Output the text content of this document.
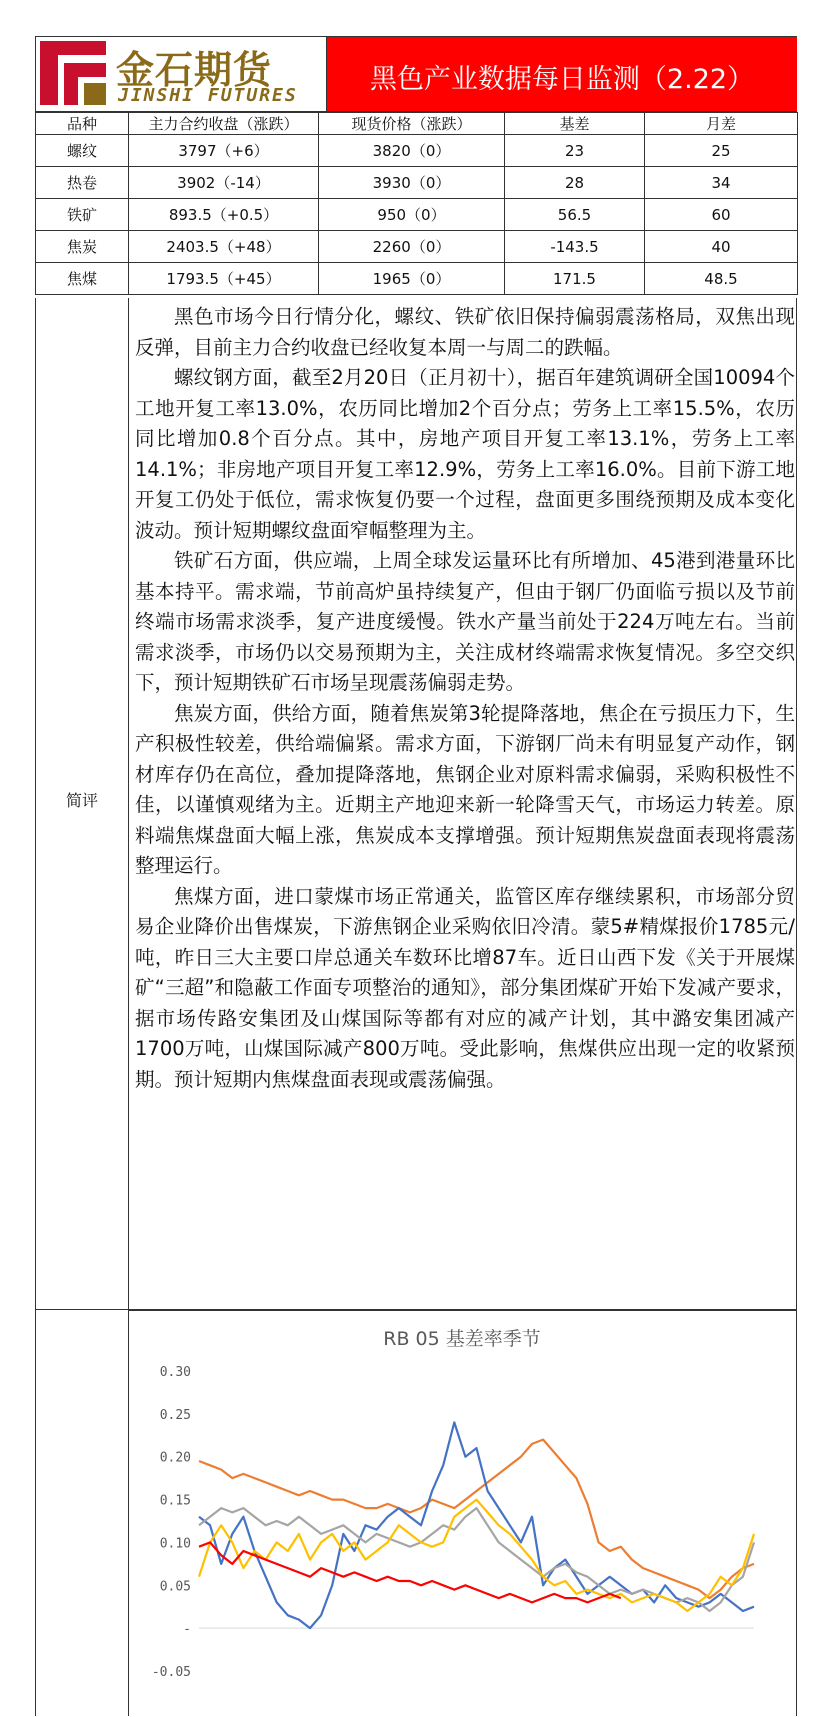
金石期货
JINSHI FUTURES
黑色产业数据每日监测（2.22）
品种	主力合约收盘（涨跌）	现货价格（涨跌）	基差	月差
螺纹	3797（+6）	3820（0）	23	25
热卷	3902（-14）	3930（0）	28	34
铁矿	893.5（+0.5）	950（0）	56.5	60
焦炭	2403.5（+48）	2260（0）	-143.5	40
焦煤	1793.5（+45）	1965（0）	171.5	48.5
简评

黑色市场今日行情分化，螺纹、铁矿依旧保持偏弱震荡格局，双焦出现反弹，目前主力合约收盘已经收复本周一与周二的跌幅。

螺纹钢方面，截至2月20日（正月初十），据百年建筑调研全国10094个工地开复工率13.0%，农历同比增加2个百分点；劳务上工率15.5%，农历同比增加0.8个百分点。其中，房地产项目开复工率13.1%，劳务上工率14.1%；非房地产项目开复工率12.9%，劳务上工率16.0%。目前下游工地开复工仍处于低位，需求恢复仍要一个过程，盘面更多围绕预期及成本变化波动。预计短期螺纹盘面窄幅整理为主。

铁矿石方面，供应端，上周全球发运量环比有所增加、45港到港量环比基本持平。需求端，节前高炉虽持续复产，但由于钢厂仍面临亏损以及节前终端市场需求淡季，复产进度缓慢。铁水产量当前处于224万吨左右。当前需求淡季，市场仍以交易预期为主，关注成材终端需求恢复情况。多空交织下，预计短期铁矿石市场呈现震荡偏弱走势。

焦炭方面，供给方面，随着焦炭第3轮提降落地，焦企在亏损压力下，生产积极性较差，供给端偏紧。需求方面，下游钢厂尚未有明显复产动作，钢材库存仍在高位，叠加提降落地，焦钢企业对原料需求偏弱，采购积极性不佳，以谨慎观绪为主。近期主产地迎来新一轮降雪天气，市场运力转差。原料端焦煤盘面大幅上涨，焦炭成本支撑增强。预计短期焦炭盘面表现将震荡整理运行。

焦煤方面，进口蒙煤市场正常通关，监管区库存继续累积，市场部分贸易企业降价出售煤炭，下游焦钢企业采购依旧冷清。蒙5#精煤报价1785元/吨，昨日三大主要口岸总通关车数环比增87车。近日山西下发《关于开展煤矿“三超”和隐蔽工作面专项整治的通知》，部分集团煤矿开始下发减产要求，据市场传路安集团及山煤国际等都有对应的减产计划，其中潞安集团减产1700万吨，山煤国际减产800万吨。受此影响，焦煤供应出现一定的收紧预期。预计短期内焦煤盘面表现或震荡偏强。

RB 05 基差率季节
0.30
0.25
0.20
0.15
0.10
0.05
-
-0.05
